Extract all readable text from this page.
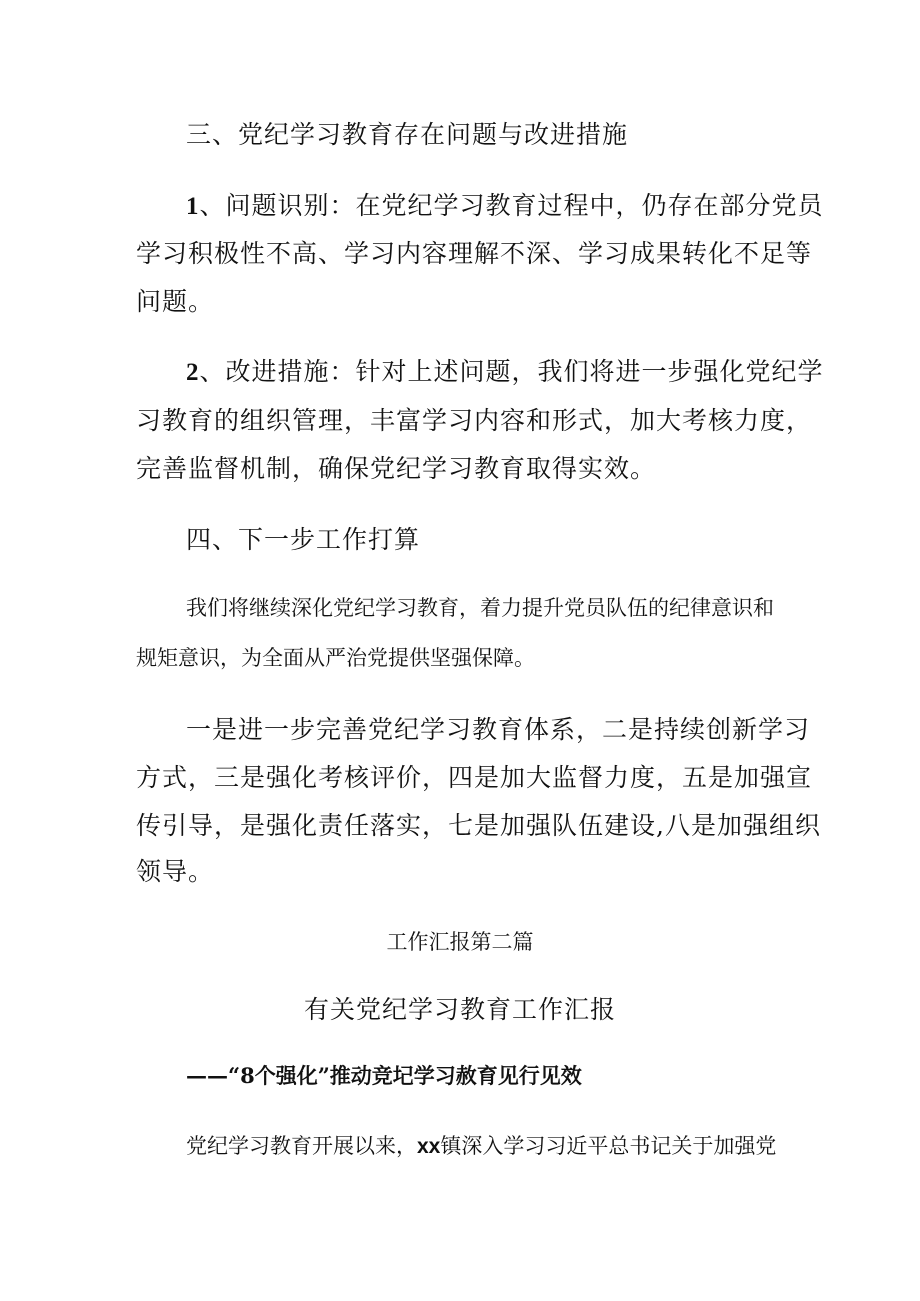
三、党纪学习教育存在问题与改进措施
1、问题识别：在党纪学习教育过程中，仍存在部分党员
学习积极性不高、学习内容理解不深、学习成果转化不足等
问题。
2、改进措施：针对上述问题，我们将进一步强化党纪学
习教育的组织管理，丰富学习内容和形式，加大考核力度，
完善监督机制，确保党纪学习教育取得实效。
四、下一步工作打算
我们将继续深化党纪学习教育，着力提升党员队伍的纪律意识和
规矩意识，为全面从严治党提供坚强保障。
一是进一步完善党纪学习教育体系，二是持续创新学习
方式，三是强化考核评价，四是加大监督力度，五是加强宣
传引导，是强化责任落实，七是加强队伍建设,八是加强组织
领导。
工作汇报第二篇
有关党纪学习教育工作汇报
——“8个强化”推动竞圮学习赦育见行见效
党纪学习教育开展以来，xx镇深入学习习近平总书记关于加强党
